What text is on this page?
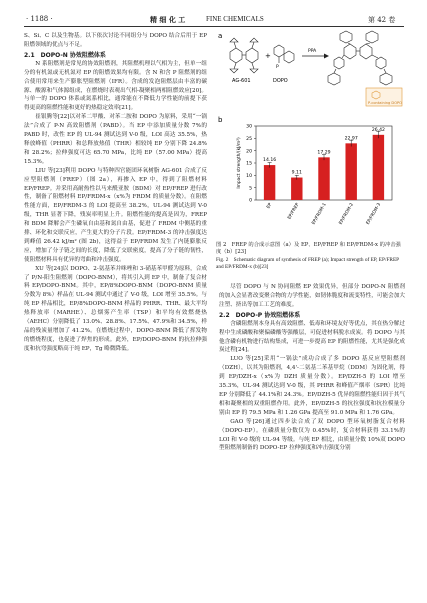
· 1188 ·	精 细 化 工	FINE CHEMICALS	第 42 卷

S、Si、C 以及生物基。以下依次讨论不同组分与 DOPO 结合后用于 EP 阻燃领域的优点与不足。

2.1　DOPO-N 协效阻燃体系

N 系阻燃剂是常见的协效阻燃剂，其阻燃机理以气相为主，但单一组分的有机氮或无机氮对 EP 的阻燃效果均有限。含 N 和含 P 阻燃剂的组合使用常用来生产膨胀型阻燃剂（IFR）。含成的发泡阻燃层由丰富的碳源、酸源和气体源组成，在燃烧时表观出气相-凝聚相两相阻燃效应[20]。与单一的 DOPO 体系或氮系相比，通常能在不降低力学性能的前提下获得更高的阻燃性能和更好的热稳定效率[21]。

崔银腾等[22]以对苯二甲酸、对苯二胺和 DOPO 为原料，采用“一锅法”合成了 P-N 高效阻燃剂（PABD）。当 EP 中添加质量分数 7%的 PABD 时，改性 EP 的 UL-94 测试达到 V-0 级，LOI 高达 35.5%，热释放峰值（PHRR）和总释放热值（THR）相较纯 EP 分别下降 24.8%和 28.2%；拉伸强度可达 65.70 MPa，比纯 EP（57.00 MPa）提高 15.3%。

LIU 等[23]利用 DOPO 与特种四官能团环氧树脂 AG-601 合成了反应型阻燃剂（FREP）（图 2a），再掺入 EP 中，得到了阻燃材料 EP/FREP。并采用高耐热性以马来酰亚胺（BDM）对 EP/FREP 进行改性，制备了阻燃材料 EP/FRDM-x（x%为 FRDM 的质量分数）。在阻燃性能方面，EP/FRDM-3 的 LOI 提高至 38.2%，UL-94 测试达到 V-0 级，THR 显著下降，残炭率明显上升。阻燃性能的提高是因为，FREP 和 BDM 降解会产生磷氧自由基和氮自由基，促进了 FRDM 中侧基的重排、环化和交联反应，产生更大的分子片段。EP/FRDM-3 的冲击强度达到峰值 26.42 kJ/m² (图 2b)，这得益于 EP/FRDM 发生了内链膨胀反应，增加了分子链之间的长度，降低了交联密度，提高了分子链的韧性，使阻燃材料具有优异的弯曲和冲击强度。

XU 等[24]以 DOPO、2-氨基苯并咪唑和 3-硝基苯甲醛为原料，合成了 P/N-阳生阻燃剂（DOPO-BNM），将其引入到 EP 中，制备了复合材料 EP/DOPO-BNM。其中，EP/8%DOPO-BNM（DOPO-BNM 质量分数为 8%）样品在 UL-94 测试中通过了 V-0 级，LOI 增至 35.5%。与纯 EP 样品相比，EP/8%DOPO-BNM 样品的 PHRR、THR、最大平均热释放率（MARHE）、总烟雾产生率（TSP）和平均有效燃烧热（AEHC）分别降低了 13.0%、28.8%、17.5%、47.9%和 34.5%，样品的残炭量增加了 41.2%。在燃烧过程中，DOPO-BNM 降低了挥发物的燃烧程度，也促进了焊焦的形成。此外，EP/DOPO-BNM 的抗拉伸强度和抗弯强度略高于纯 EP，Tg 略微降低。

a
AG-601
+
P
DOPO
PPA
P-containing DOPO
b
0
5
10
15
20
25
30
Impact strength/(kJ/m²)	14.16
EP
9.11
EP/FREP
17.29
EP/FRDM-1
22.97
EP/FRDM-2
26.42
EP/FRDM-3
图 2　FREP 的合成示意图（a）及 EP、EP/FREP 和 EP/FRDM-x 的冲击强度（b）[23]
Fig. 2　Schematic diagram of synthesis of FREP (a); Impact strength of EP, EP/FREP and EP/FRDM-x (b)[23]

尽管 DOPO 与 N 协同阻燃 EP 效果优异，但部分 DOPO-N 阻燃剂的加入会显著改变聚合物的力学性能，如韧体脆度和流变特性，可能会加大注塑、挤出等加工工艺的难度。

2.2　DOPO-P 协效阻燃体系

含磷阻燃剂本身具有高效阻燃、低毒和环境友好等优点，其在热分解过程中生成磷酸和聚偏磷酸等强酸层，可促进材料脱水成炭。将 DOPO 与其他含磷有机物进行结构集成，可进一步提高 EP 的阻燃性能，尤其是强化成炭过程[24]。

LUO 等[25]采用“一锅法”成功合成了多 DOPO 基反应型阻燃剂（DZH），以其为阻燃剂，4,4'-二氨基二苯基甲烷（DDM）为固化剂，得到 EP/DZH-x（x%为 DZH 质量分数）。EP/DZH-5 的 LOI 增至 35.3%，UL-94 测试达到 V-0 级，其 PHRR 和峰值产烟率（SPR）比纯 EP 分别降低了 44.1%和 24.3%。EP/DZH-5 优异的阻燃性能归因于其气相和凝聚相的双重阻燃作用。此外，EP/DZH-5 的抗拉强度和抗拉模量分别由 EP 的 79.5 MPa 和 1.26 GPa 提高至 91.0 MPa 和 1.76 GPa。

GAO 等[26]通过四步法合成了双 DOPO 型环氧树脂复合材料（DOPO-EP）。在磷质量分数仅为 0.45%时，复合材料获得 33.1%的 LOI 和 V-0 级的 UL-94 等级。与纯 EP 相比，由质量分数 10%双 DOPO 型阻燃剂制备的 DOPO-EP 拉伸强度和冲击强度分别
